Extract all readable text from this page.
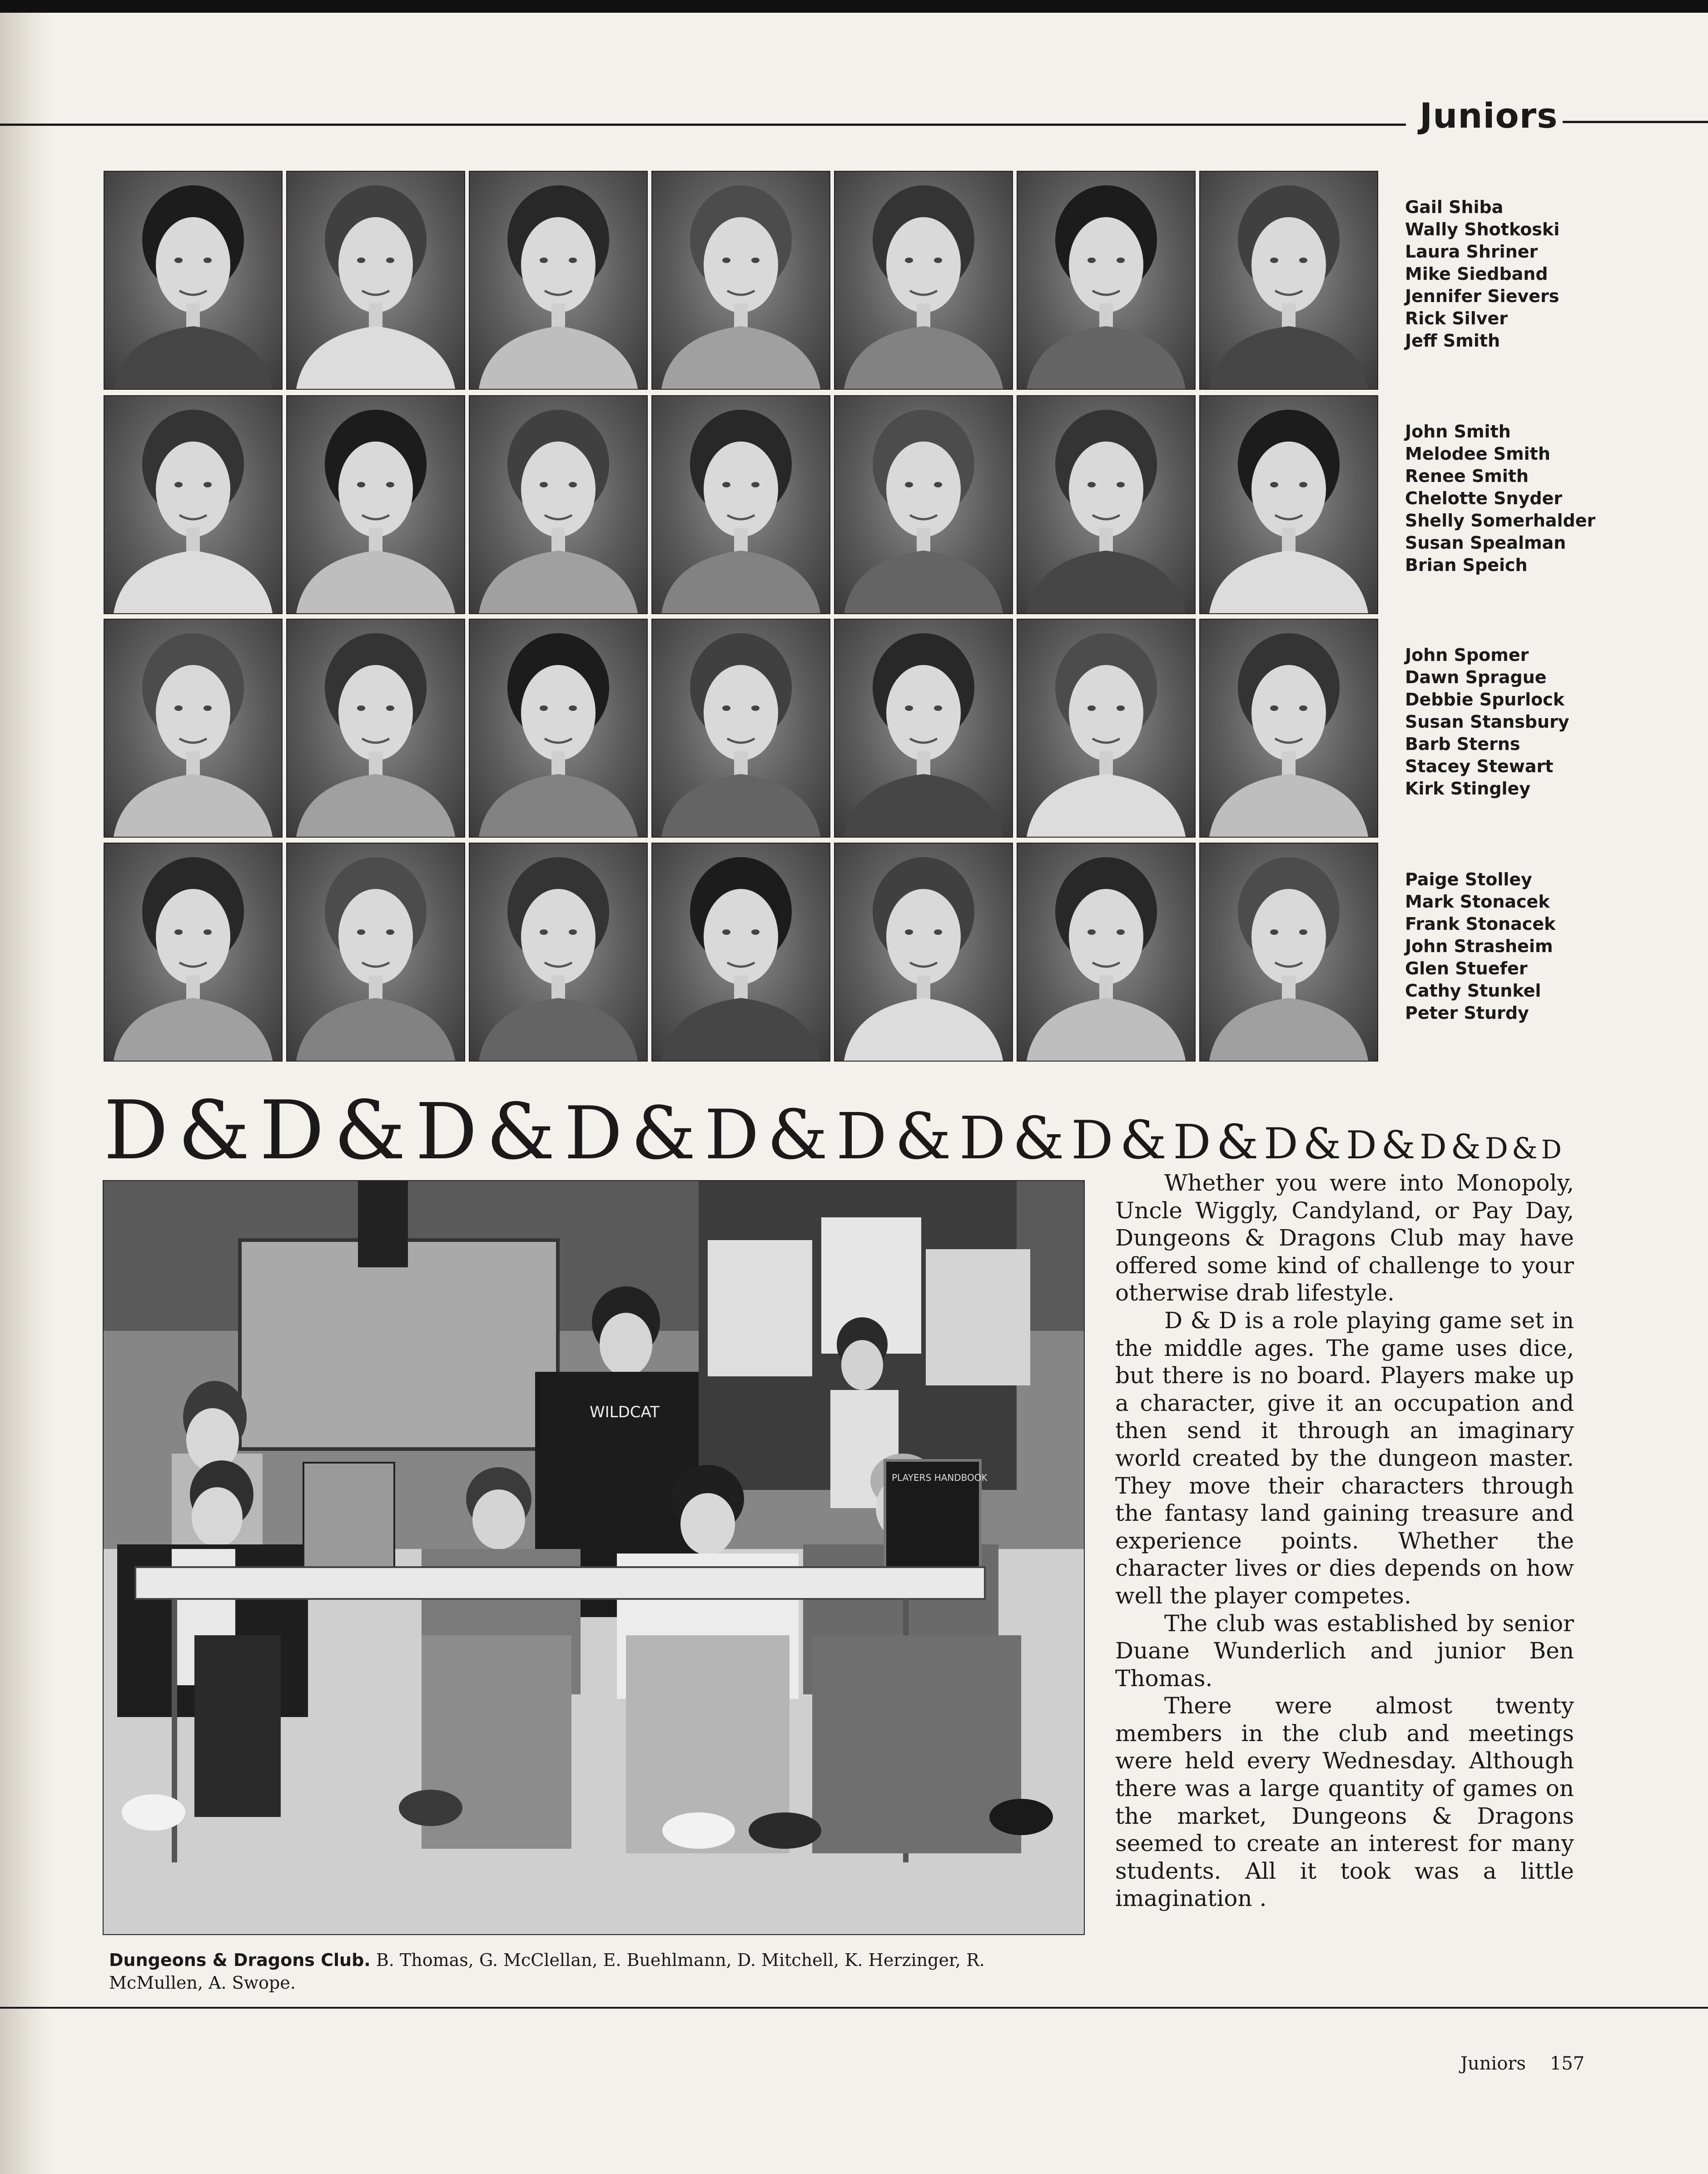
Juniors
Gail Shiba
Wally Shotkoski
Laura Shriner
Mike Siedband
Jennifer Sievers
Rick Silver
Jeff Smith
John Smith
Melodee Smith
Renee Smith
Chelotte Snyder
Shelly Somerhalder
Susan Spealman
Brian Speich
John Spomer
Dawn Sprague
Debbie Spurlock
Susan Stansbury
Barb Sterns
Stacey Stewart
Kirk Stingley
Paige Stolley
Mark Stonacek
Frank Stonacek
John Strasheim
Glen Stuefer
Cathy Stunkel
Peter Sturdy
D & D & D & D & D & D & D & D & D & D & D & D & D & D
WILDCAT
PLAYERS HANDBOOK

Whether you were into Monopoly, Uncle Wiggly, Candyland, or Pay Day, Dungeons & Dragons Club may have offered some kind of challenge to your otherwise drab lifestyle.

D & D is a role playing game set in the middle ages. The game uses dice, but there is no board. Players make up a character, give it an occupation and then send it through an imaginary world created by the dungeon master. They move their characters through the fantasy land gaining treasure and experience points. Whether the character lives or dies depends on how well the player competes.

The club was established by senior Duane Wunderlich and junior Ben Thomas.

There were almost twenty members in the club and meetings were held every Wednesday. Although there was a large quantity of games on the market, Dungeons & Dragons seemed to create an interest for many students. All it took was a little imagination .

Dungeons & Dragons Club. B. Thomas, G. McClellan, E. Buehlmann, D. Mitchell, K. Herzinger, R. McMullen, A. Swope.
Juniors 157
